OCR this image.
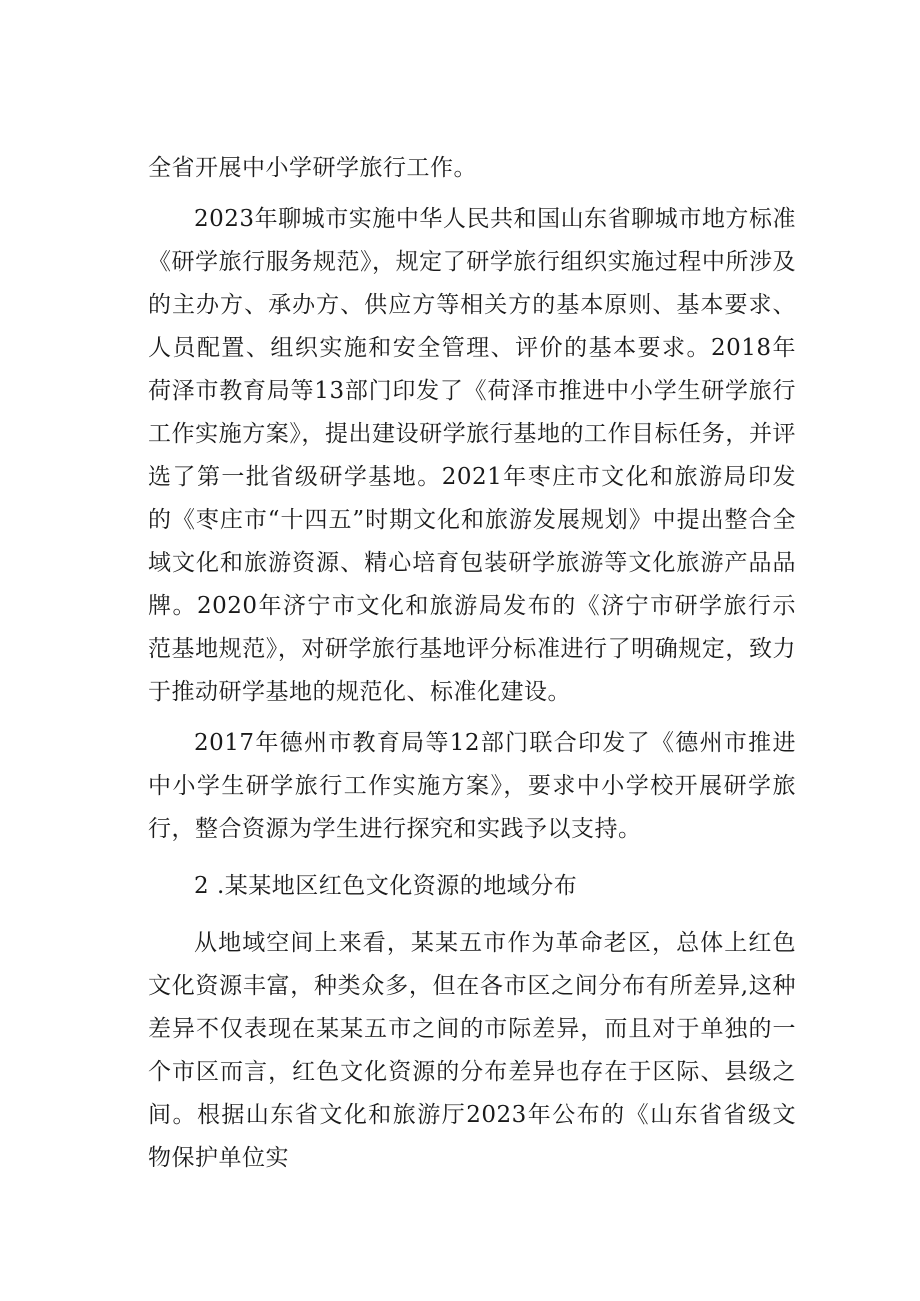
全省开展中小学研学旅行工作。

2023年聊城市实施中华人民共和国山东省聊城市地方标准《研学旅行服务规范》，规定了研学旅行组织实施过程中所涉及的主办方、承办方、供应方等相关方的基本原则、基本要求、人员配置、组织实施和安全管理、评价的基本要求。2018年荷泽市教育局等13部门印发了《荷泽市推进中小学生研学旅行工作实施方案》，提出建设研学旅行基地的工作目标任务，并评选了第一批省级研学基地。2021年枣庄市文化和旅游局印发的《枣庄市“十四五”时期文化和旅游发展规划》中提出整合全域文化和旅游资源、精心培育包装研学旅游等文化旅游产品品牌。2020年济宁市文化和旅游局发布的《济宁市研学旅行示范基地规范》，对研学旅行基地评分标准进行了明确规定，致力于推动研学基地的规范化、标准化建设。

2017年德州市教育局等12部门联合印发了《德州市推进中小学生研学旅行工作实施方案》，要求中小学校开展研学旅行，整合资源为学生进行探究和实践予以支持。

2 .某某地区红色文化资源的地域分布

从地域空间上来看，某某五市作为革命老区，总体上红色文化资源丰富，种类众多，但在各市区之间分布有所差异,这种差异不仅表现在某某五市之间的市际差异，而且对于单独的一个市区而言，红色文化资源的分布差异也存在于区际、县级之间。根据山东省文化和旅游厅2023年公布的《山东省省级文物保护单位实
